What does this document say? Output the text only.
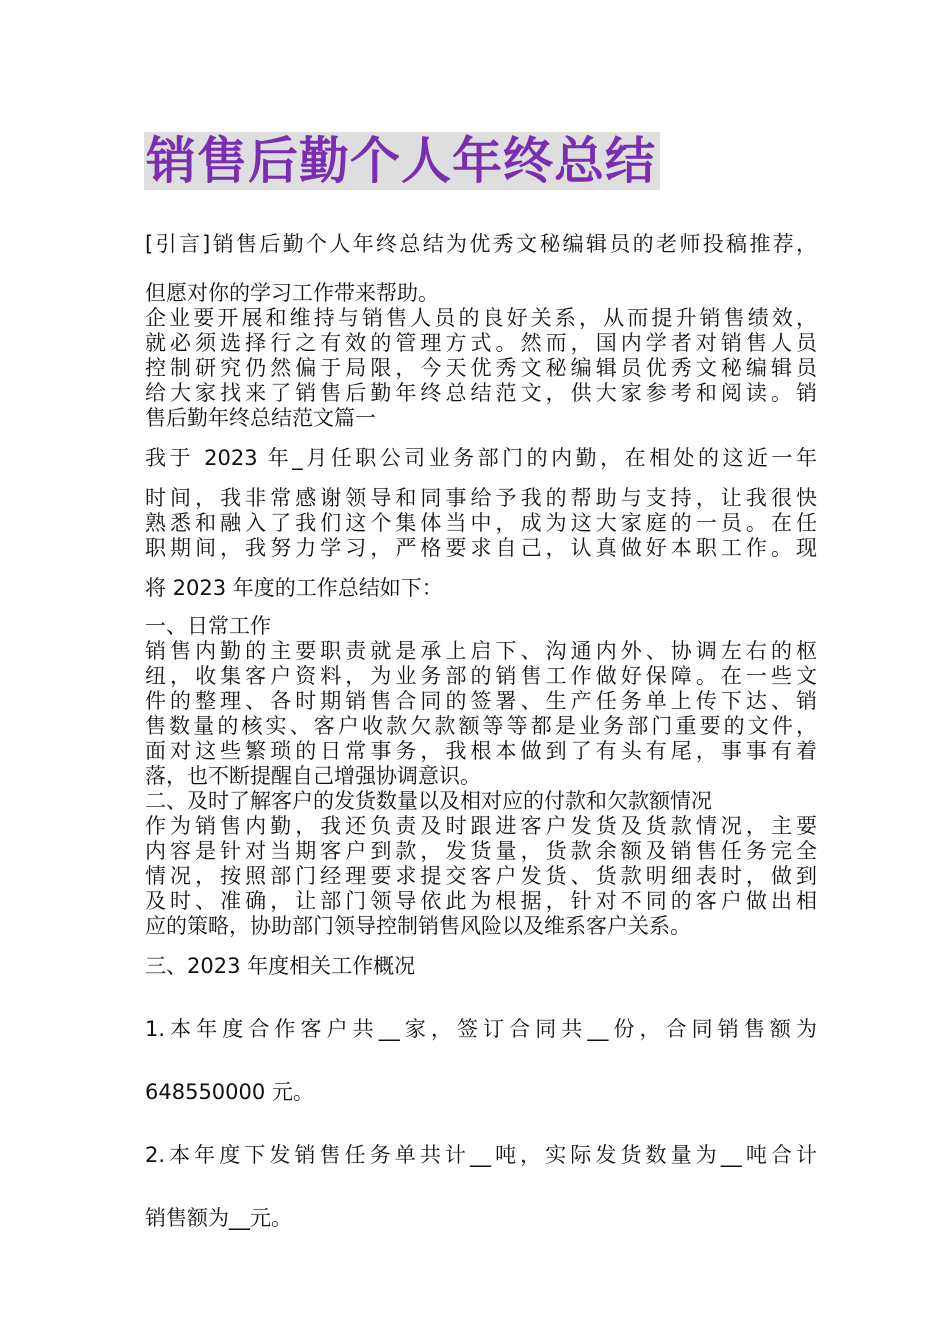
销售后勤个人年终总结
[引言]销售后勤个人年终总结为优秀文秘编辑员的老师投稿推荐，
但愿对你的学习工作带来帮助。
企业要开展和维持与销售人员的良好关系，从而提升销售绩效，
就必须选择行之有效的管理方式。然而，国内学者对销售人员
控制研究仍然偏于局限，今天优秀文秘编辑员优秀文秘编辑员
给大家找来了销售后勤年终总结范文，供大家参考和阅读。销
售后勤年终总结范文篇一
我于 2023 年_月任职公司业务部门的内勤，在相处的这近一年
时间，我非常感谢领导和同事给予我的帮助与支持，让我很快
熟悉和融入了我们这个集体当中，成为这大家庭的一员。在任
职期间，我努力学习，严格要求自己，认真做好本职工作。现
将 2023 年度的工作总结如下：
一、日常工作
销售内勤的主要职责就是承上启下、沟通内外、协调左右的枢
纽，收集客户资料，为业务部的销售工作做好保障。在一些文
件的整理、各时期销售合同的签署、生产任务单上传下达、销
售数量的核实、客户收款欠款额等等都是业务部门重要的文件，
面对这些繁琐的日常事务，我根本做到了有头有尾，事事有着
落，也不断提醒自己增强协调意识。
二、及时了解客户的发货数量以及相对应的付款和欠款额情况
作为销售内勤，我还负责及时跟进客户发货及货款情况，主要
内容是针对当期客户到款，发货量，货款余额及销售任务完全
情况，按照部门经理要求提交客户发货、货款明细表时，做到
及时、准确，让部门领导依此为根据，针对不同的客户做出相
应的策略，协助部门领导控制销售风险以及维系客户关系。
三、2023 年度相关工作概况
1.本年度合作客户共__家，签订合同共__份，合同销售额为
648550000 元。
2.本年度下发销售任务单共计__吨，实际发货数量为__吨合计
销售额为__元。
